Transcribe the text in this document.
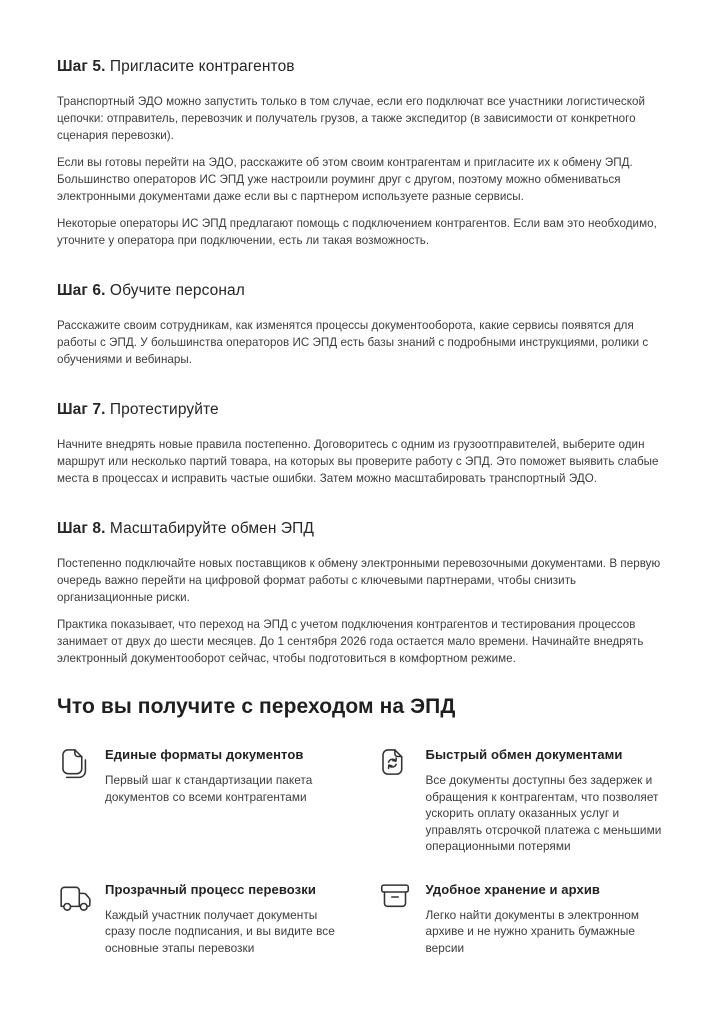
Шаг 5. Пригласите контрагентов

Транспортный ЭДО можно запустить только в том случае, если его подключат все участники логистической цепочки: отправитель, перевозчик и получатель грузов, а также экспедитор (в зависимости от конкретного сценария перевозки).

Если вы готовы перейти на ЭДО, расскажите об этом своим контрагентам и пригласите их к обмену ЭПД. Большинство операторов ИС ЭПД уже настроили роуминг друг с другом, поэтому можно обмениваться электронными документами даже если вы с партнером используете разные сервисы.

Некоторые операторы ИС ЭПД предлагают помощь с подключением контрагентов. Если вам это необходимо, уточните у оператора при подключении, есть ли такая возможность.

Шаг 6. Обучите персонал

Расскажите своим сотрудникам, как изменятся процессы документооборота, какие сервисы появятся для работы с ЭПД. У большинства операторов ИС ЭПД есть базы знаний с подробными инструкциями, ролики с обучениями и вебинары.

Шаг 7. Протестируйте

Начните внедрять новые правила постепенно. Договоритесь с одним из грузоотправителей, выберите один маршрут или несколько партий товара, на которых вы проверите работу с ЭПД. Это поможет выявить слабые места в процессах и исправить частые ошибки. Затем можно масштабировать транспортный ЭДО.

Шаг 8. Масштабируйте обмен ЭПД

Постепенно подключайте новых поставщиков к обмену электронными перевозочными документами. В первую очередь важно перейти на цифровой формат работы с ключевыми партнерами, чтобы снизить организационные риски.

Практика показывает, что переход на ЭПД с учетом подключения контрагентов и тестирования процессов занимает от двух до шести месяцев. До 1 сентября 2026 года остается мало времени. Начинайте внедрять электронный документооборот сейчас, чтобы подготовиться в комфортном режиме.

Что вы получите с переходом на ЭПД
Единые форматы документов
Первый шаг к стандартизации пакета документов со всеми контрагентами
Быстрый обмен документами
Все документы доступны без задержек и обращения к контрагентам, что позволяет ускорить оплату оказанных услуг и управлять отсрочкой платежа с меньшими операционными потерями
Прозрачный процесс перевозки
Каждый участник получает документы сразу после подписания, и вы видите все основные этапы перевозки
Удобное хранение и архив
Легко найти документы в электронном архиве и не нужно хранить бумажные версии
